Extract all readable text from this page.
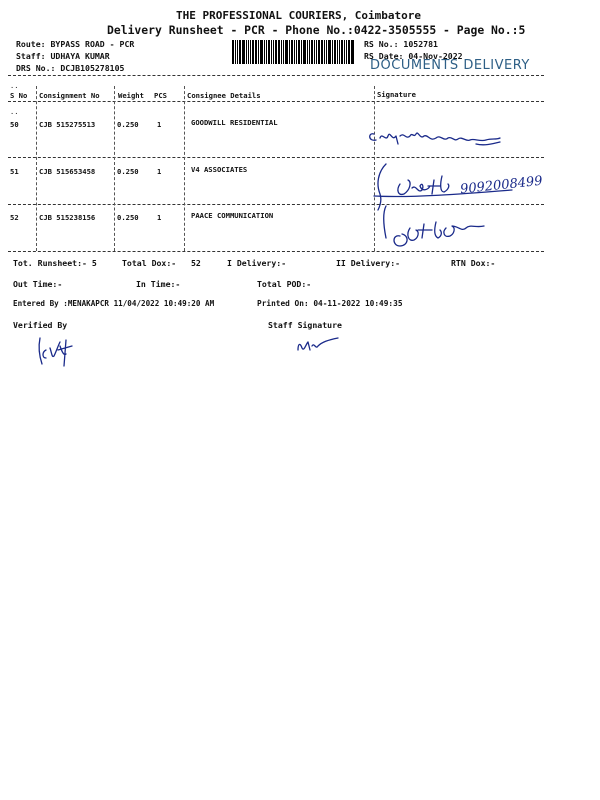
THE PROFESSIONAL COURIERS, Coimbatore
Delivery Runsheet - PCR - Phone No.:0422-3505555 - Page No.:5
Route: BYPASS ROAD - PCR
Staff: UDHAYA KUMAR
DRS No.: DCJB105278105
RS No.: 1052781
RS Date: 04-Nov-2022
DOCUMENTS DELIVERY
..
..
S No Consignment No	Weight PCS	Consignee Details	Signature
50	CJB 515275513	0.250	1	GOODWILL RESIDENTIAL
51	CJB 515653458	0.250	1	V4 ASSOCIATES
52	CJB 515238156	0.250	1	PAACE COMMUNICATION
9092008499
Tot. Runsheet:- 5	Total Dox:- 52	I Delivery:-	II Delivery:-	RTN Dox:-
Out Time:-	In Time:-	Total POD:-
Entered By :MENAKAPCR 11/04/2022 10:49:20 AM	Printed On: 04-11-2022 10:49:35
Verified By	Staff Signature
